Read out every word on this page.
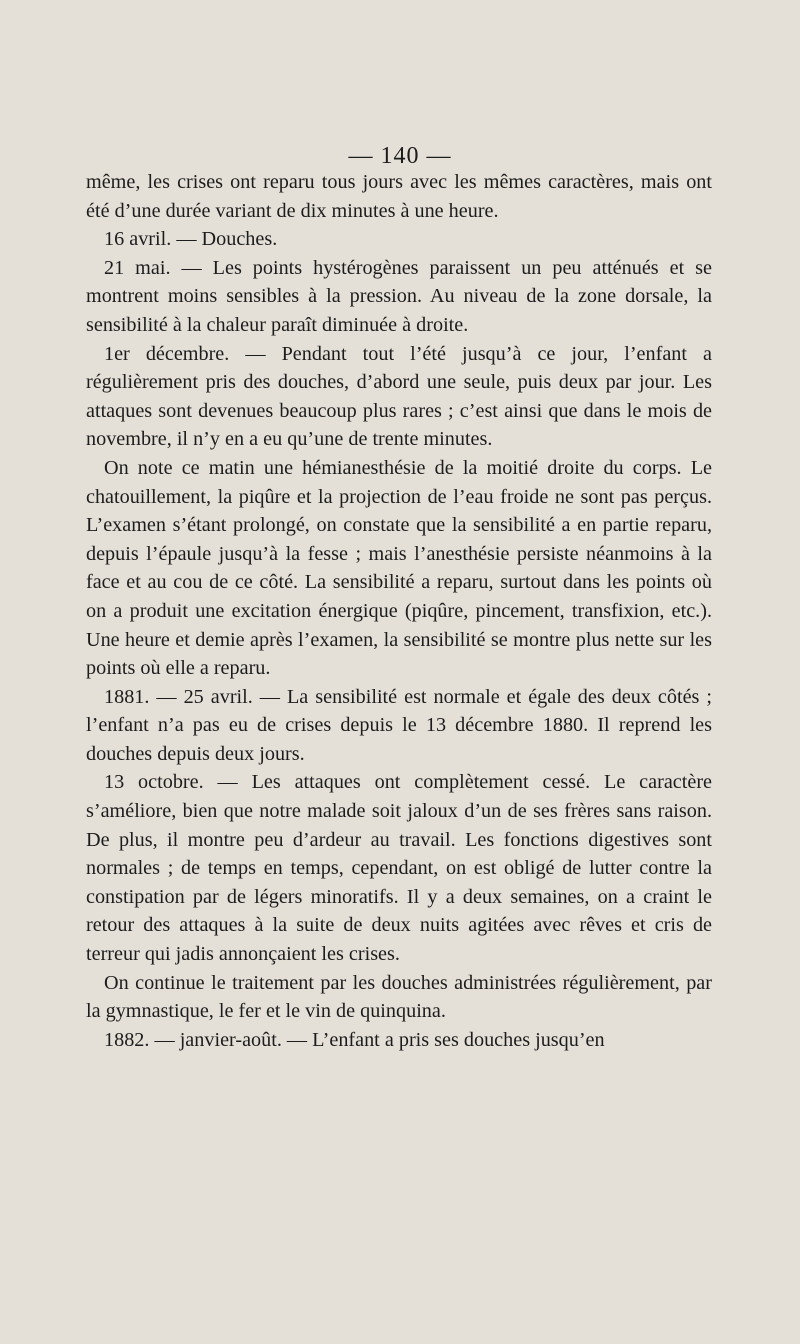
— 140 —

même, les crises ont reparu tous jours avec les mêmes caractères, mais ont été d’une durée variant de dix minutes à une heure.

16 avril. — Douches.

21 mai. — Les points hystérogènes paraissent un peu atténués et se montrent moins sensibles à la pression. Au niveau de la zone dorsale, la sensibilité à la chaleur paraît diminuée à droite.

1er décembre. — Pendant tout l’été jusqu’à ce jour, l’enfant a régulièrement pris des douches, d’abord une seule, puis deux par jour. Les attaques sont devenues beaucoup plus rares ; c’est ainsi que dans le mois de novembre, il n’y en a eu qu’une de trente minutes.

On note ce matin une hémianesthésie de la moitié droite du corps. Le chatouillement, la piqûre et la projection de l’eau froide ne sont pas perçus. L’examen s’étant prolongé, on constate que la sensibilité a en partie reparu, depuis l’épaule jusqu’à la fesse ; mais l’anesthésie persiste néanmoins à la face et au cou de ce côté. La sensibilité a reparu, surtout dans les points où on a produit une excitation énergique (piqûre, pincement, transfixion, etc.). Une heure et demie après l’examen, la sensibilité se montre plus nette sur les points où elle a reparu.

1881. — 25 avril. — La sensibilité est normale et égale des deux côtés ; l’enfant n’a pas eu de crises depuis le 13 décembre 1880. Il reprend les douches depuis deux jours.

13 octobre. — Les attaques ont complètement cessé. Le caractère s’améliore, bien que notre malade soit jaloux d’un de ses frères sans raison. De plus, il montre peu d’ardeur au travail. Les fonctions digestives sont normales ; de temps en temps, cependant, on est obligé de lutter contre la constipation par de légers minoratifs. Il y a deux semaines, on a craint le retour des attaques à la suite de deux nuits agitées avec rêves et cris de terreur qui jadis annonçaient les crises.

On continue le traitement par les douches administrées régulièrement, par la gymnastique, le fer et le vin de quinquina.

1882. — janvier-août. — L’enfant a pris ses douches jusqu’en
